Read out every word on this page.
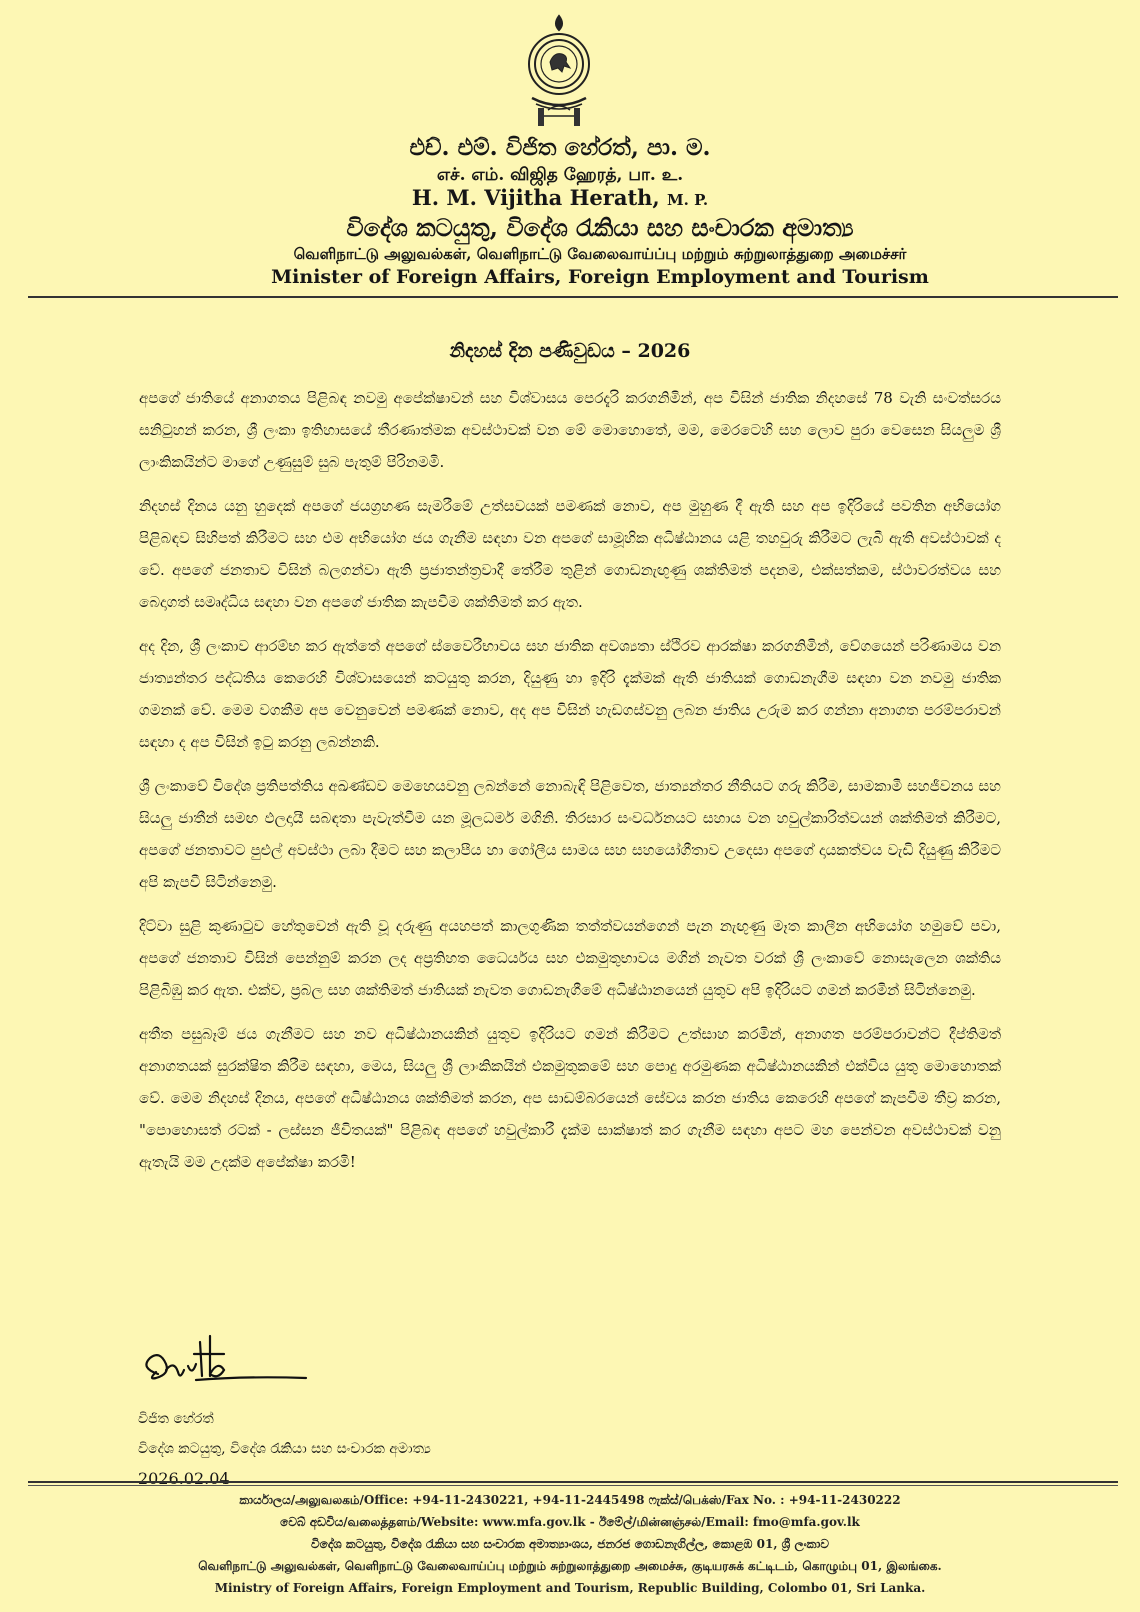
එච්. එම්. විජිත හේරත්, පා. ම.
எச். எம். விஜித ஹேரத், பா. உ.
H. M. Vijitha Herath, M. P.
විදේශ කටයුතු, විදේශ රැකියා සහ සංචාරක අමාත්‍ය
வெளிநாட்டு அலுவல்கள், வெளிநாட்டு வேலைவாய்ப்பு மற்றும் சுற்றுலாத்துறை அமைச்சர்
Minister of Foreign Affairs, Foreign Employment and Tourism
නිදහස් දින පණිවුඩය – 2026

අපගේ ජාතියේ අනාගතය පිළිබඳ නවමු අපේක්ෂාවන් සහ විශ්වාසය පෙරදැරි කරගනිමින්, අප විසින් ජාතික නිදහසේ 78 වැනි සංවත්සරය සනිටුහන් කරන, ශ්‍රී ලංකා ඉතිහාසයේ තීරණාත්මක අවස්ථාවක් වන මේ මොහොතේ, මම, මෙරටෙහි සහ ලොව පුරා වෙසෙන සියලුම ශ්‍රී ලාංකිකයින්ට මාගේ උණුසුම් සුබ පැතුම් පිරිනමමි.

නිදහස් දිනය යනු හුදෙක් අපගේ ජයග්‍රහණ සැමරීමේ උත්සවයක් පමණක් නොව, අප මුහුණ දී ඇති සහ අප ඉදිරියේ පවතින අභියෝග පිළිබඳව සිහිපත් කිරීමට සහ එම අභියෝග ජය ගැනීම සඳහා වන අපගේ සාමූහික අධිෂ්ඨානය යළි තහවුරු කිරීමට ලැබී ඇති අවස්ථාවක් ද වේ. අපගේ ජනතාව විසින් බලගන්වා ඇති ප්‍රජාතන්ත්‍රවාදී තේරීම තුළින් ගොඩනැඟුණු ශක්තිමත් පදනම, එක්සත්කම, ස්ථාවරත්වය සහ බෙදාගත් සමෘද්ධිය සඳහා වන අපගේ ජාතික කැපවීම ශක්තිමත් කර ඇත.

අද දින, ශ්‍රී ලංකාව ආරම්භ කර ඇත්තේ අපගේ ස්වෛරීභාවය සහ ජාතික අවශ්‍යතා ස්ථිරව ආරක්ෂා කරගනිමින්, වේගයෙන් පරිණාමය වන ජාත්‍යන්තර පද්ධතිය කෙරෙහි විශ්වාසයෙන් කටයුතු කරන, දියුණු හා ඉදිරි දැක්මක් ඇති ජාතියක් ගොඩනැගීම සඳහා වන නවමු ජාතික ගමනක් වේ. මෙම වගකීම අප වෙනුවෙන් පමණක් නොව, අද අප විසින් හැඩගස්වනු ලබන ජාතිය උරුම කර ගන්නා අනාගත පරම්පරාවන් සඳහා ද අප විසින් ඉටු කරනු ලබන්නකි.

ශ්‍රී ලංකාවේ විදේශ ප්‍රතිපත්තිය අඛණ්ඩව මෙහෙයවනු ලබන්නේ නොබැඳි පිළිවෙත, ජාත්‍යන්තර නීතියට ගරු කිරීම, සාමකාමී සහජීවනය සහ සියලු ජාතීන් සමඟ ඵලදායී සබඳතා පැවැත්වීම යන මූලධර්ම මගිනි. තිරසාර සංවර්ධනයට සහාය වන හවුල්කාරිත්වයන් ශක්තිමත් කිරීමට, අපගේ ජනතාවට පුළුල් අවස්ථා ලබා දීමට සහ කලාපීය හා ගෝලීය සාමය සහ සහයෝගීතාව උදෙසා අපගේ දායකත්වය වැඩි දියුණු කිරීමට අපි කැපවී සිටින්නෙමු.

දිට්වා සුළි කුණාටුව හේතුවෙන් ඇති වූ දරුණු අයහපත් කාලගුණික තත්ත්වයන්ගෙන් පැන නැඟුණු මෑත කාලීන අභියෝග හමුවේ පවා, අපගේ ජනතාව විසින් පෙන්නුම් කරන ලද අප්‍රතිහත ධෛර්යය සහ එකමුතුභාවය මගින් නැවත වරක් ශ්‍රී ලංකාවේ නොසැලෙන ශක්තිය පිළිබිඹු කර ඇත. එක්ව, ප්‍රබල සහ ශක්තිමත් ජාතියක් නැවත ගොඩනැගීමේ අධිෂ්ඨානයෙන් යුතුව අපි ඉදිරියට ගමන් කරමින් සිටින්නෙමු.

අතීත පසුබෑම් ජය ගැනීමට සහ නව අධිෂ්ඨානයකින් යුතුව ඉදිරියට ගමන් කිරීමට උත්සාහ කරමින්, අනාගත පරම්පරාවන්ට දීප්තිමත් අනාගතයක් සුරක්ෂිත කිරීම සඳහා, මෙය, සියලු ශ්‍රී ලාංකිකයින් එකමුතුකමේ සහ පොදු අරමුණක අධිෂ්ඨානයකින් එක්විය යුතු මොහොතක් වේ. මෙම නිදහස් දිනය, අපගේ අධිෂ්ඨානය ශක්තිමත් කරන, අප සාඩම්බරයෙන් සේවය කරන ජාතිය කෙරෙහි අපගේ කැපවීම තීව්‍ර කරන, "පොහොසත් රටක් - ලස්සන ජීවිතයක්" පිළිබඳ අපගේ හවුල්කාරී දැක්ම සාක්ෂාත් කර ගැනීම සඳහා අපට මහ පෙන්වන අවස්ථාවක් වනු ඇතැයි මම උදක්ම අපේක්ෂා කරමි!

විජිත හේරත්
විදේශ කටයුතු, විදේශ රැකියා සහ සංචාරක අමාත්‍ය
2026.02.04
කාර්යාලය/அலுவலகம்/Office: +94-11-2430221, +94-11-2445498 ෆැක්ස්/பெக்ஸ்/Fax No. : +94-11-2430222
වෙබ් අඩවිය/வலைத்தளம்/Website: www.mfa.gov.lk - ඊමේල්/மின்னஞ்சல்/Email: fmo@mfa.gov.lk
විදේශ කටයුතු, විදේශ රැකියා සහ සංචාරක අමාත්‍යාංශය, ජනරජ ගොඩනැගිල්ල, කොළඹ 01, ශ්‍රී ලංකාව
வெளிநாட்டு அலுவல்கள், வெளிநாட்டு வேலைவாய்ப்பு மற்றும் சுற்றுலாத்துறை அமைச்சு, குடியரசுக் கட்டிடம், கொழும்பு 01, இலங்கை.
Ministry of Foreign Affairs, Foreign Employment and Tourism, Republic Building, Colombo 01, Sri Lanka.
